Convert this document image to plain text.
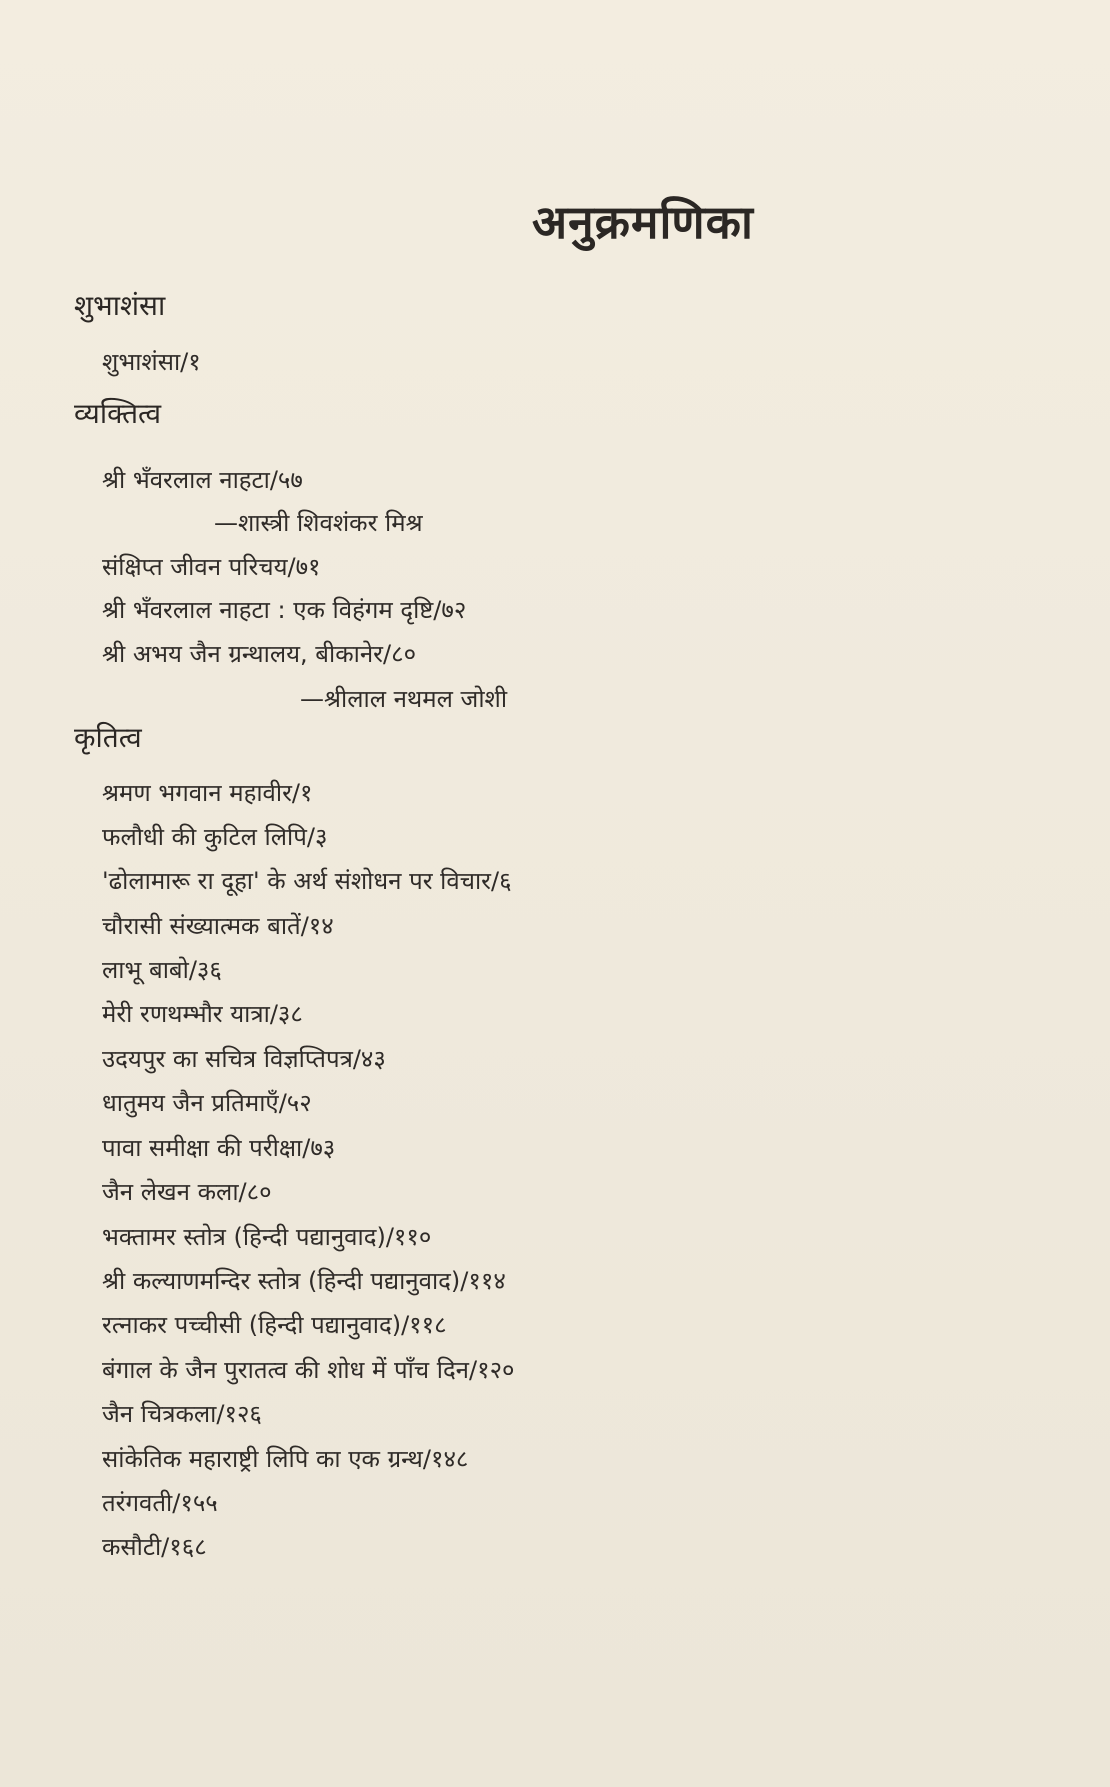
अनुक्रमणिका
शुभाशंसा
शुभाशंसा/१
व्यक्तित्व
श्री भँवरलाल नाहटा/५७
—शास्त्री शिवशंकर मिश्र
संक्षिप्त जीवन परिचय/७१
श्री भँवरलाल नाहटा : एक विहंगम दृष्टि/७२
श्री अभय जैन ग्रन्थालय, बीकानेर/८०
—श्रीलाल नथमल जोशी
कृतित्व
श्रमण भगवान महावीर/१
फलौधी की कुटिल लिपि/३
'ढोलामारू रा दूहा' के अर्थ संशोधन पर विचार/६
चौरासी संख्यात्मक बातें/१४
लाभू बाबो/३६
मेरी रणथम्भौर यात्रा/३८
उदयपुर का सचित्र विज्ञप्तिपत्र/४३
धातुमय जैन प्रतिमाएँ/५२
पावा समीक्षा की परीक्षा/७३
जैन लेखन कला/८०
भक्तामर स्तोत्र (हिन्दी पद्यानुवाद)/११०
श्री कल्याणमन्दिर स्तोत्र (हिन्दी पद्यानुवाद)/११४
रत्नाकर पच्चीसी (हिन्दी पद्यानुवाद)/११८
बंगाल के जैन पुरातत्व की शोध में पाँच दिन/१२०
जैन चित्रकला/१२६
सांकेतिक महाराष्ट्री लिपि का एक ग्रन्थ/१४८
तरंगवती/१५५
कसौटी/१६८
